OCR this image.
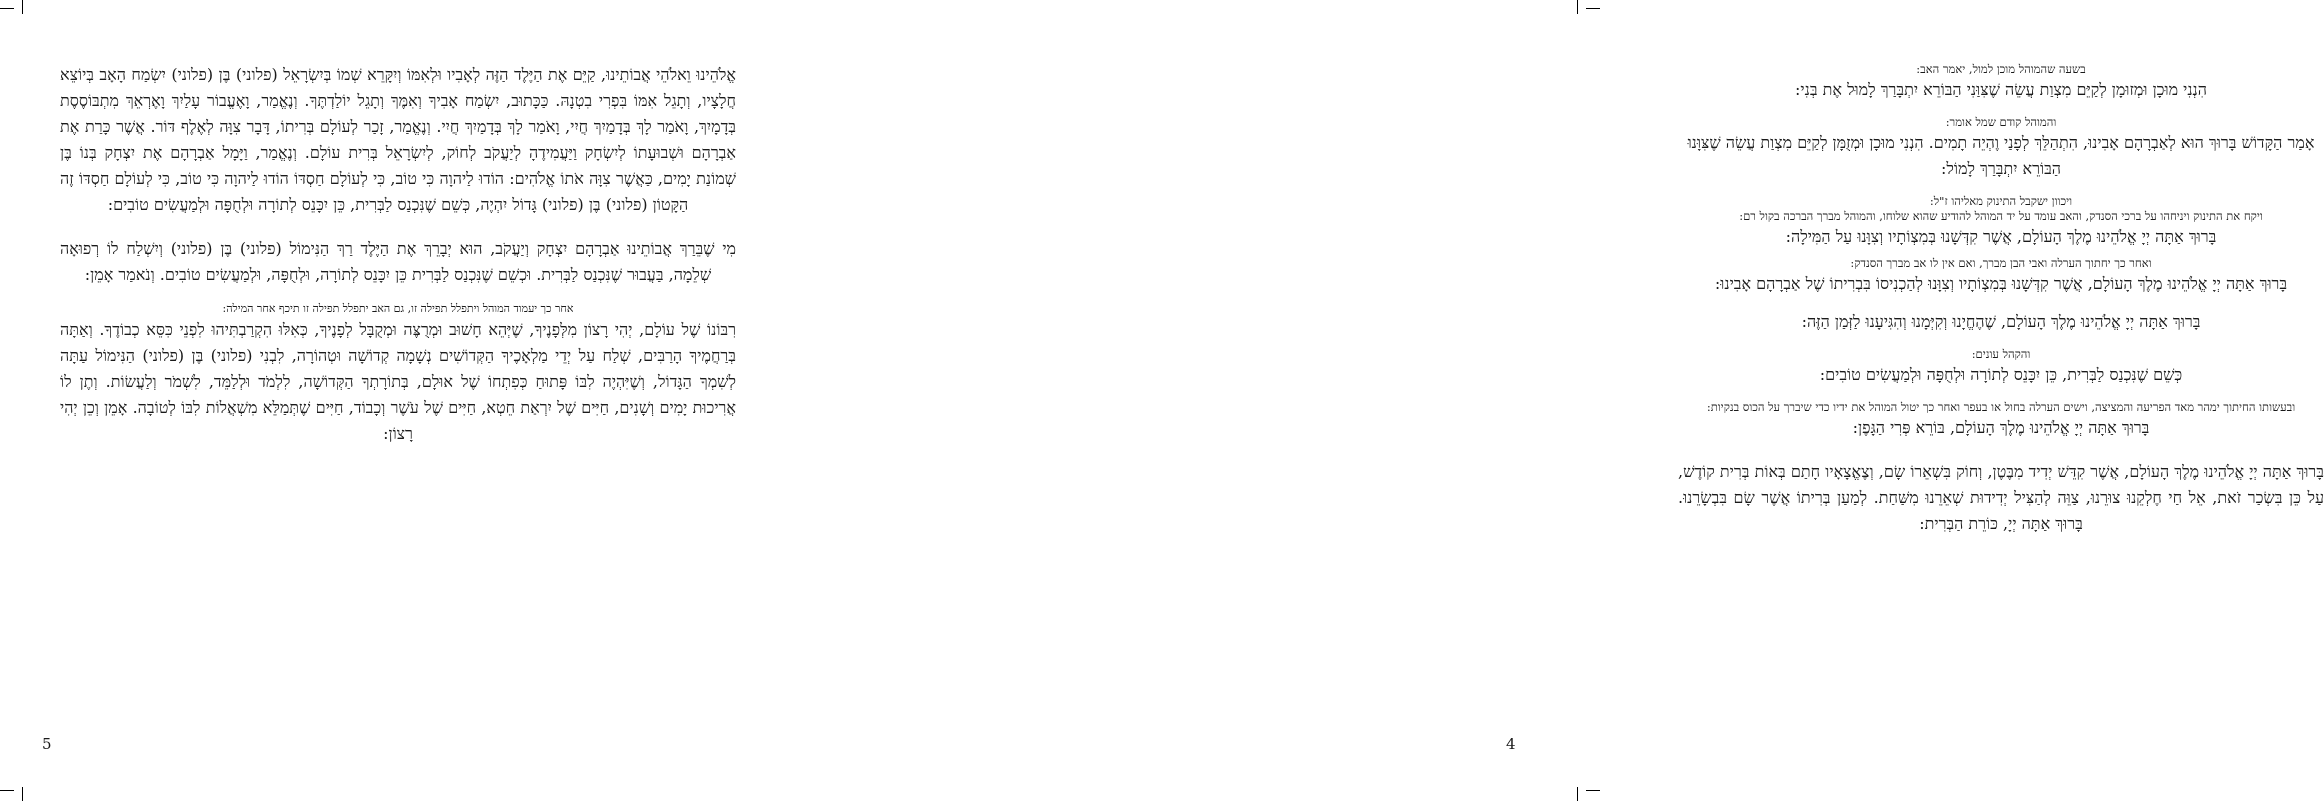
אֱלֹהֵינוּ וֵאלֹהֵי אֲבוֹתֵינוּ, קַיֵּם אֶת הַיֶּלֶד הַזֶּה לְאָבִיו וּלְאִמּוֹ וְיִקָּרֵא שְׁמוֹ בְּיִשְׂרָאֵל (פלוני) בֶּן (פלוני) יִשְׂמַח הָאָב בְּיוֹצֵא חֲלָצָיו, וְתָגֵל אִמּוֹ בִּפְרִי בִטְנָהּ. כַּכָּתוּב, יִשְׂמַח אָבִיךָ וְאִמֶּךָ וְתָגֵל יוֹלַדְתֶּךָ. וְנֶאֱמַר, וָאֶעֱבוֹר עָלַיִךְ וָאֶרְאֵךְ מִתְבּוֹסֶסֶת בְּדָמָיִךְ, וָאֹמַר לָךְ בְּדָמַיִךְ חֲיִי, וָאֹמַר לָךְ בְּדָמַיִךְ חֲיִי. וְנֶאֱמַר, זָכַר לְעוֹלָם בְּרִיתוֹ, דָּבָר צִוָּה לְאֶלֶף דּוֹר. אֲשֶׁר כָּרַת אֶת אַבְרָהָם וּשְׁבוּעָתוֹ לְיִשְׂחָק וַיַּעֲמִידֶהָ לְיַעֲקֹב לְחוֹק, לְיִשְׂרָאֵל בְּרִית עוֹלָם. וְנֶאֱמַר, וַיָּמָל אַבְרָהָם אֶת יִצְחָק בְּנוֹ בֶּן שְׁמוֹנַת יָמִים, כַּאֲשֶׁר צִוָּה אֹתוֹ אֱלֹהִים: הוֹדוּ לַיהוָה כִּי טוֹב, כִּי לְעוֹלָם חַסְדּוֹ הוֹדוּ לַיהוָה כִּי טוֹב, כִּי לְעוֹלָם חַסְדּוֹ זֶה הַקָּטוֹן (פלוני) בֶּן (פלוני) גָּדוֹל יִהְיֶה, כְּשֵׁם שֶׁנִּכְנַס לַבְּרִית, כֵּן יִכָּנֵס לְתוֹרָה וּלְחֻפָּה וּלְמַעֲשִׂים טוֹבִים:

מִי שֶׁבֵּרַךְ אֲבוֹתֵינוּ אַבְרָהָם יִצְחָק וְיַעֲקֹב, הוּא יְבָרֵךְ אֶת הַיֶּלֶד רַךְ הַנִּימוֹל (פלוני) בֶּן (פלוני) וְיִשְׁלַח לוֹ רְפוּאָה שְׁלֵמָה, בַּעֲבוּר שֶׁנִּכְנַס לַבְּרִית. וּכְשֵׁם שֶׁנִּכְנַס לַבְּרִית כֵּן יִכָּנֵס לְתוֹרָה, וּלְחֻפָּה, וּלְמַעֲשִׂים טוֹבִים. וְנֹאמַר אָמֵן:

אחר כך יעמוד המוהל ויתפלל תפילה זו, גם האב יתפלל תפילה זו תיכף אחר המילה:

רִבּוֹנוֹ שֶׁל עוֹלָם, יְהִי רָצוֹן מִלְּפָנֶיךָ, שֶׁיְּהֵא חָשׁוּב וּמְרֻצֶּה וּמְקֻבָּל לְפָנֶיךָ, כְּאִלּוּ הִקְרַבְתִּיהוּ לִפְנֵי כִּסֵּא כְבוֹדֶךָ. וְאַתָּה בְּרַחֲמֶיךָ הָרַבִּים, שְׁלַח עַל יְדֵי מַלְאָכֶיךָ הַקְּדוֹשִׁים נְשָׁמָה קְדוֹשָׁה וּטְהוֹרָה, לִבְנִי (פלוני) בֶּן (פלוני) הַנִּימוֹל עַתָּה לְשִׁמְךָ הַגָּדוֹל, וְשֶׁיִּהְיֶה לִבּוֹ פָּתוּחַ כְּפִתְחוֹ שֶׁל אוּלָם, בְּתוֹרָתְךָ הַקְּדוֹשָׁה, לִלְמֹד וּלְלַמֵּד, לִשְׁמֹר וְלַעֲשׂוֹת. וְתֶן לוֹ אֲרִיכוּת יָמִים וְשָׁנִים, חַיִּים שֶׁל יִרְאַת חֵטְא, חַיִּים שֶׁל עֹשֶׁר וְכָבוֹד, חַיִּים שֶׁתְּמַלֵּא מִשְׁאֲלוֹת לִבּוֹ לְטוֹבָה. אָמֵן וְכֵן יְהִי רָצוֹן:

5

בשעה שהמוהל מוכן למול, יאמר האב:

הִנְנִי מוּכָן וּמְזוּמָן לְקַיֵּם מִצְוַת עֲשֵׂה שֶׁצִּוַּנִי הַבּוֹרֵא יִתְבָּרַךְ לָמוּל אֶת בְּנִי:

והמוהל קודם שמל אומר:

אָמַר הַקָּדוֹשׁ בָּרוּךְ הוּא לְאַבְרָהָם אָבִינוּ, הִתְהַלֵּךְ לְפָנַי וֶהְיֵה תָמִים. הִנְנִי מוּכָן וּמְזֻמָּן לְקַיֵּם מִצְוַת עֲשֵׂה שֶׁצִּוָּנוּ הַבּוֹרֵא יִתְבָּרַךְ לָמוֹל:

ויכוון ישקבל התינוק מאליהו ז"ל:

ויקח את התינוק ויניחהו על ברכי הסנדק, והאב עומד על יד המוהל להודיע שהוא שלוחו, והמוהל מברך הברכה בקול רם:

בָּרוּךְ אַתָּה יְיָ אֱלֹהֵינוּ מֶלֶךְ הָעוֹלָם, אֲשֶׁר קִדְּשָׁנוּ בְּמִצְוֹתָיו וְצִוָּנוּ עַל הַמִּילָה:

ואחר כך יחתוך הערלה ואבי הבן מברך, ואם אין לו אב מברך הסנדק:

בָּרוּךְ אַתָּה יְיָ אֱלֹהֵינוּ מֶלֶךְ הָעוֹלָם, אֲשֶׁר קִדְּשָׁנוּ בְּמִצְוֹתָיו וְצִוָּנוּ לְהַכְנִיסוֹ בִּבְרִיתוֹ שֶׁל אַבְרָהָם אָבִינוּ:

בָּרוּךְ אַתָּה יְיָ אֱלֹהֵינוּ מֶלֶךְ הָעוֹלָם, שֶׁהֶחֱיָנוּ וְקִיְּמָנוּ וְהִגִּיעָנוּ לַזְּמַן הַזֶּה:

והקהל עונים:

כְּשֵׁם שֶׁנִּכְנַס לַבְּרִית, כֵּן יִכָּנֵס לְתוֹרָה וּלְחֻפָּה וּלְמַעֲשִׂים טוֹבִים:

ובעשותו החיתוך ימהר מאד הפריעה והמציצה, וישים הערלה בחול או בעפר ואחר כך יטול המוהל את ידיו כדי שיברך על הכוס בנקיות:

בָּרוּךְ אַתָּה יְיָ אֱלֹהֵינוּ מֶלֶךְ הָעוֹלָם, בּוֹרֵא פְּרִי הַגָּפֶן:

בָּרוּךְ אַתָּה יְיָ אֱלֹהֵינוּ מֶלֶךְ הָעוֹלָם, אֲשֶׁר קִדֵּשׁ יְדִיד מִבֶּטֶן, וְחוֹק בִּשְׁאֵרוֹ שָׂם, וְצֶאֱצָאָיו חָתַם בְּאוֹת בְּרִית קוֹדֶשׁ, עַל כֵּן בִּשְׂכַר זֹאת, אֵל חַי חֶלְקֵנוּ צוּרֵנוּ, צַוֵּה לְהַצִּיל יְדִידוּת שְׁאֵרֵנוּ מִשַּׁחַת. לְמַעַן בְּרִיתוֹ אֲשֶׁר שָׂם בִּבְשָׂרֵנוּ. בָּרוּךְ אַתָּה יְיָ, כּוֹרֵת הַבְּרִית:

4
